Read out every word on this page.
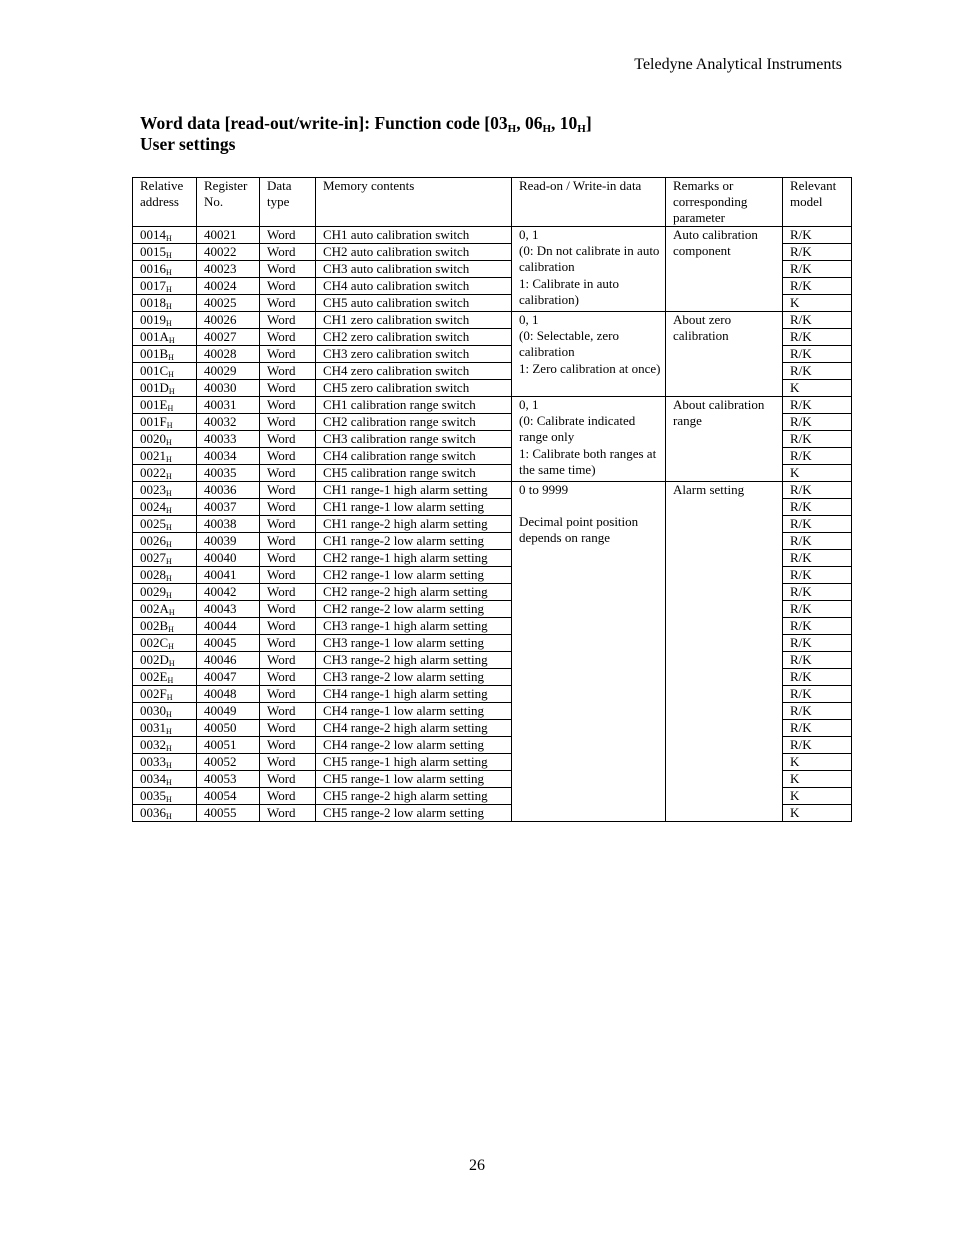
Teledyne Analytical Instruments
Word data [read-out/write-in]: Function code [$03_H$, $06_H$, $10_H$]
User settings
Relative address	Register No.	Data type	Memory contents	Read-on / Write-in data	Remarks or corresponding parameter	Relevant model
$0014_H$	40021	Word	CH1 auto calibration switch	0, 1
(0: Dn not calibrate in auto calibration
1: Calibrate in auto calibration)	Auto calibration component	R/K
$0015_H$	40022	Word	CH2 auto calibration switch			R/K
$0016_H$	40023	Word	CH3 auto calibration switch			R/K
$0017_H$	40024	Word	CH4 auto calibration switch			R/K
$0018_H$	40025	Word	CH5 auto calibration switch			K
$0019_H$	40026	Word	CH1 zero calibration switch	0, 1
(0: Selectable, zero calibration
1: Zero calibration at once)	About zero calibration	R/K
$001A_H$	40027	Word	CH2 zero calibration switch			R/K
$001B_H$	40028	Word	CH3 zero calibration switch			R/K
$001C_H$	40029	Word	CH4 zero calibration switch			R/K
$001D_H$	40030	Word	CH5 zero calibration switch			K
$001E_H$	40031	Word	CH1 calibration range switch	0, 1
(0: Calibrate indicated range only
1: Calibrate both ranges at the same time)	About calibration range	R/K
$001F_H$	40032	Word	CH2 calibration range switch			R/K
$0020_H$	40033	Word	CH3 calibration range switch			R/K
$0021_H$	40034	Word	CH4 calibration range switch			R/K
$0022_H$	40035	Word	CH5 calibration range switch			K
$0023_H$	40036	Word	CH1 range-1 high alarm setting	0 to 9999
Decimal point position depends on range	Alarm setting	R/K
$0024_H$	40037	Word	CH1 range-1 low alarm setting			R/K
$0025_H$	40038	Word	CH1 range-2 high alarm setting			R/K
$0026_H$	40039	Word	CH1 range-2 low alarm setting			R/K
$0027_H$	40040	Word	CH2 range-1 high alarm setting			R/K
$0028_H$	40041	Word	CH2 range-1 low alarm setting			R/K
$0029_H$	40042	Word	CH2 range-2 high alarm setting			R/K
$002A_H$	40043	Word	CH2 range-2 low alarm setting			R/K
$002B_H$	40044	Word	CH3 range-1 high alarm setting			R/K
$002C_H$	40045	Word	CH3 range-1 low alarm setting			R/K
$002D_H$	40046	Word	CH3 range-2 high alarm setting			R/K
$002E_H$	40047	Word	CH3 range-2 low alarm setting			R/K
$002F_H$	40048	Word	CH4 range-1 high alarm setting			R/K
$0030_H$	40049	Word	CH4 range-1 low alarm setting			R/K
$0031_H$	40050	Word	CH4 range-2 high alarm setting			R/K
$0032_H$	40051	Word	CH4 range-2 low alarm setting			R/K
$0033_H$	40052	Word	CH5 range-1 high alarm setting			K
$0034_H$	40053	Word	CH5 range-1 low alarm setting			K
$0035_H$	40054	Word	CH5 range-2 high alarm setting			K
$0036_H$	40055	Word	CH5 range-2 low alarm setting			K
26
